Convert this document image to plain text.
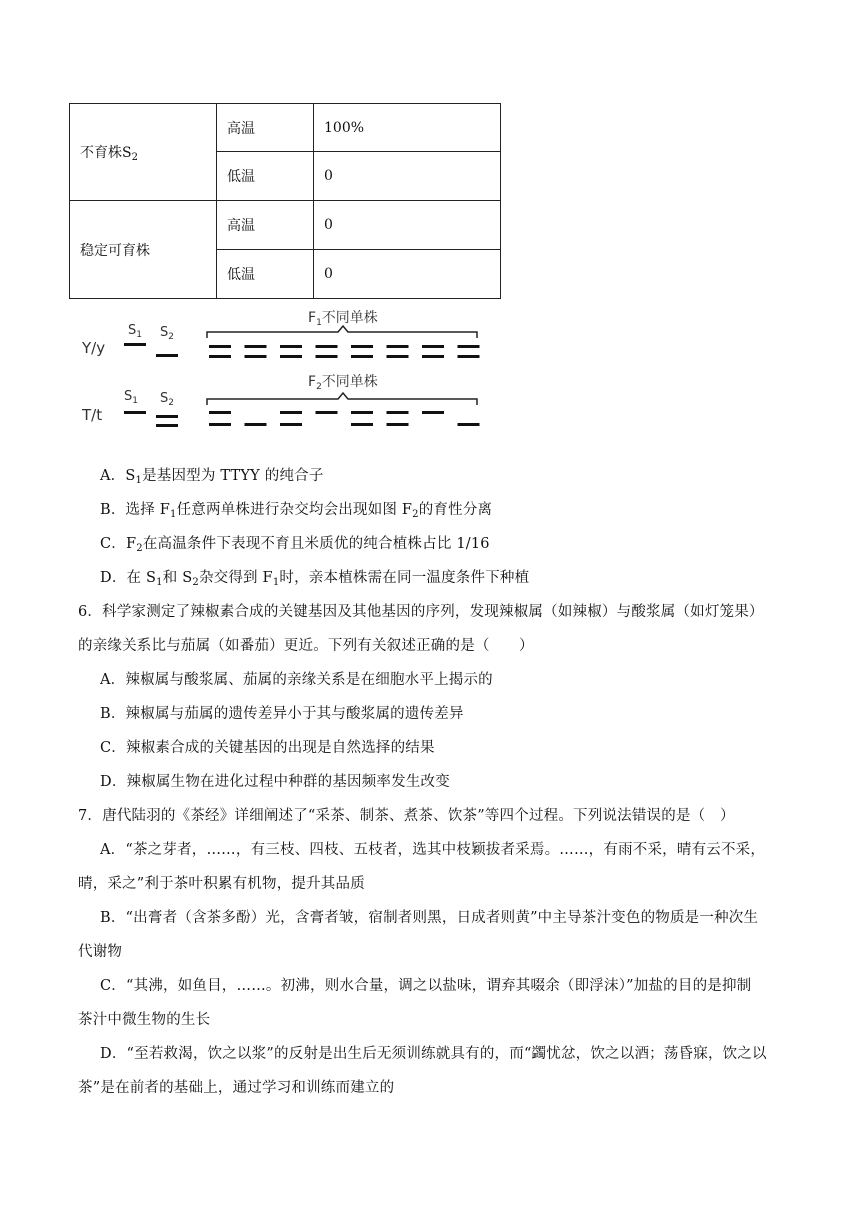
不育株$S_2$	高温	100%
	低温	0
稳定可育株	高温	0
	低温	0
Y/y
$S_1$ $S_2$
$F_1$不同单株
T/t
$S_1$ $S_2$
$F_2$不同单株
A．$S_1$是基因型为 TTYY 的纯合子
B．选择 $F_1$任意两单株进行杂交均会出现如图 $F_2$的育性分离
C．$F_2$在高温条件下表现不育且米质优的纯合植株占比 1/16
D．在 $S_1$和 $S_2$杂交得到 $F_1$时，亲本植株需在同一温度条件下种植
6．科学家测定了辣椒素合成的关键基因及其他基因的序列，发现辣椒属（如辣椒）与酸浆属（如灯笼果）
的亲缘关系比与茄属（如番茄）更近。下列有关叙述正确的是（　　）
A．辣椒属与酸浆属、茄属的亲缘关系是在细胞水平上揭示的
B．辣椒属与茄属的遗传差异小于其与酸浆属的遗传差异
C．辣椒素合成的关键基因的出现是自然选择的结果
D．辣椒属生物在进化过程中种群的基因频率发生改变
7．唐代陆羽的《茶经》详细阐述了“采茶、制茶、煮茶、饮茶”等四个过程。下列说法错误的是（　）
A．“茶之芽者，……，有三枝、四枝、五枝者，选其中枝颖拔者采焉。……，有雨不采，晴有云不采，
晴，采之”利于茶叶积累有机物，提升其品质
B．“出膏者（含茶多酚）光，含膏者皱，宿制者则黑，日成者则黄”中主导茶汁变色的物质是一种次生
代谢物
C．“其沸，如鱼目，……。初沸，则水合量，调之以盐味，谓弃其啜余（即浮沫）”加盐的目的是抑制
茶汁中微生物的生长
D．“至若救渴，饮之以浆”的反射是出生后无须训练就具有的，而“蠲忧忿，饮之以酒；荡昏寐，饮之以
茶”是在前者的基础上，通过学习和训练而建立的
